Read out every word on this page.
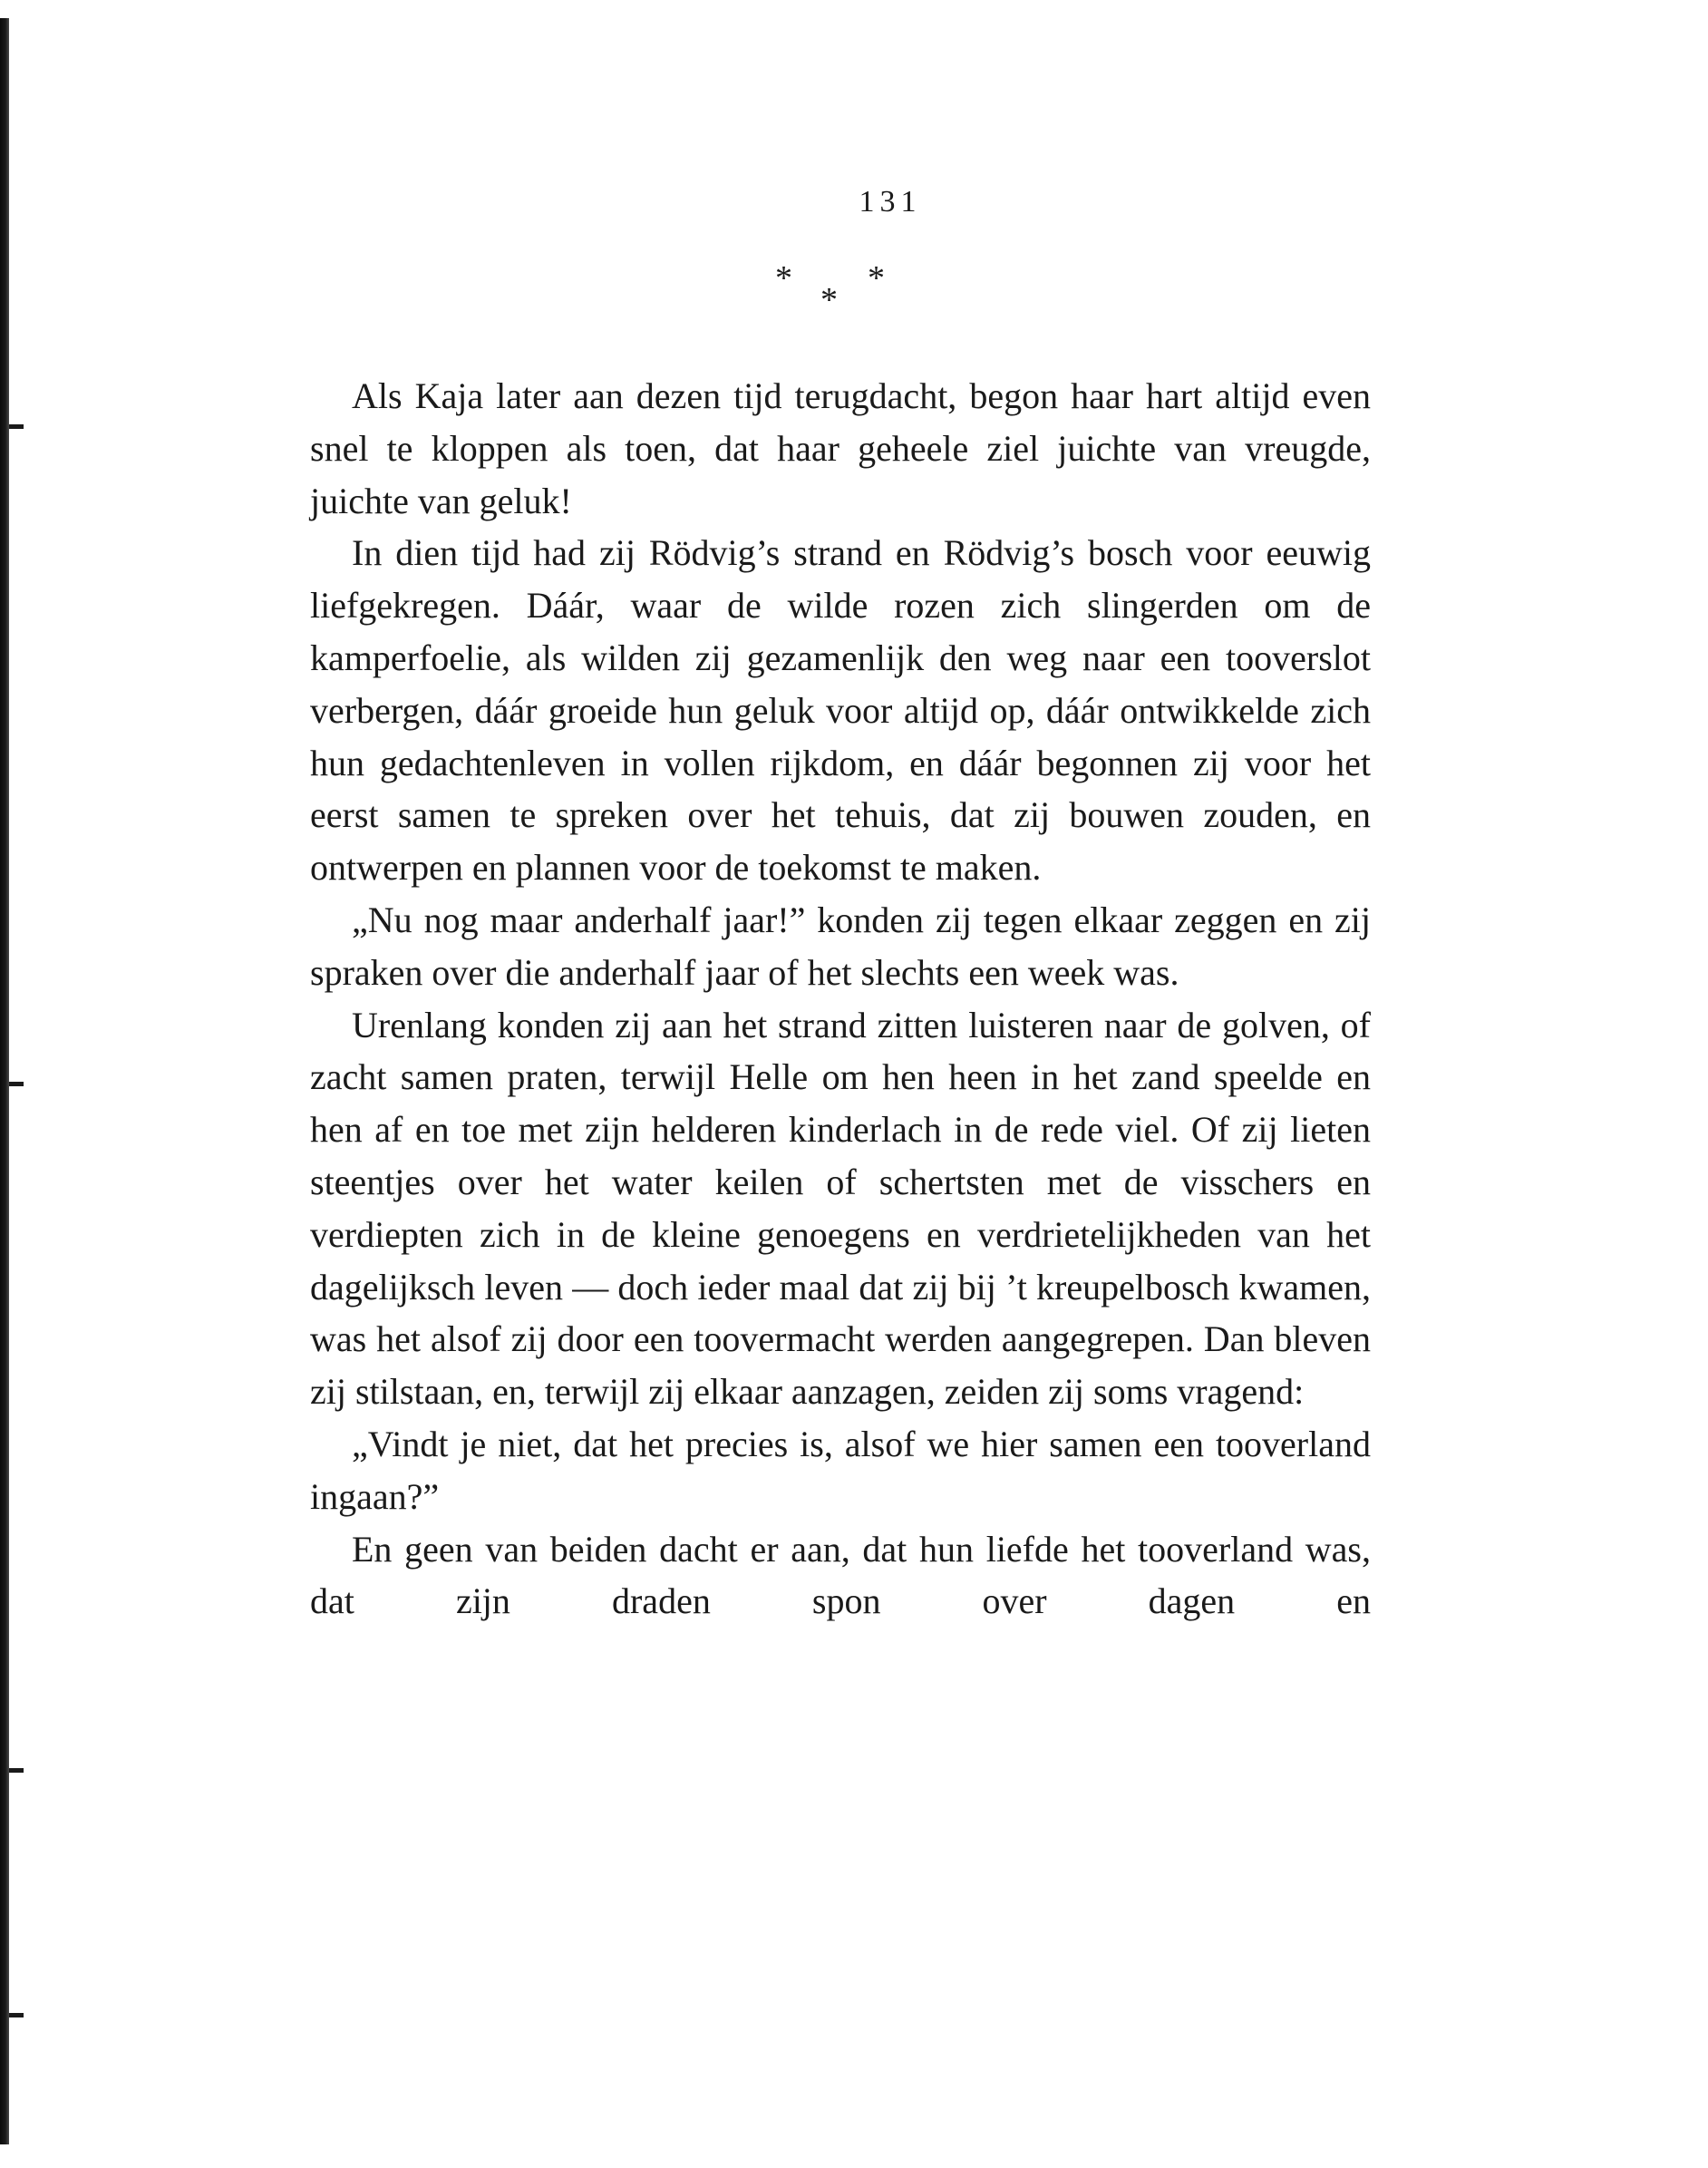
131
*
*
*

Als Kaja later aan dezen tijd terugdacht, begon haar hart altijd even snel te kloppen als toen, dat haar geheele ziel juichte van vreugde, juichte van geluk!

In dien tijd had zij Rödvig’s strand en Rödvig’s bosch voor eeuwig liefgekregen. Dáár, waar de wilde rozen zich slingerden om de kamperfoelie, als wilden zij gezamenlijk den weg naar een tooverslot verbergen, dáár groeide hun geluk voor altijd op, dáár ontwikkelde zich hun gedachtenleven in vollen rijkdom, en dáár begonnen zij voor het eerst samen te spreken over het tehuis, dat zij bouwen zouden, en ontwerpen en plannen voor de toekomst te maken.

„Nu nog maar anderhalf jaar!” konden zij tegen elkaar zeggen en zij spraken over die anderhalf jaar of het slechts een week was.

Urenlang konden zij aan het strand zitten luisteren naar de golven, of zacht samen praten, terwijl Helle om hen heen in het zand speelde en hen af en toe met zijn helderen kinderlach in de rede viel. Of zij lieten steentjes over het water keilen of schertsten met de visschers en verdiepten zich in de kleine genoegens en verdrietelijkheden van het dagelijksch leven — doch ieder maal dat zij bij ’t kreupelbosch kwamen, was het alsof zij door een toovermacht werden aangegrepen. Dan bleven zij stilstaan, en, terwijl zij elkaar aanzagen, zeiden zij soms vragend:

„Vindt je niet, dat het precies is, alsof we hier samen een tooverland ingaan?”

En geen van beiden dacht er aan, dat hun liefde het tooverland was, dat zijn draden spon over dagen en
